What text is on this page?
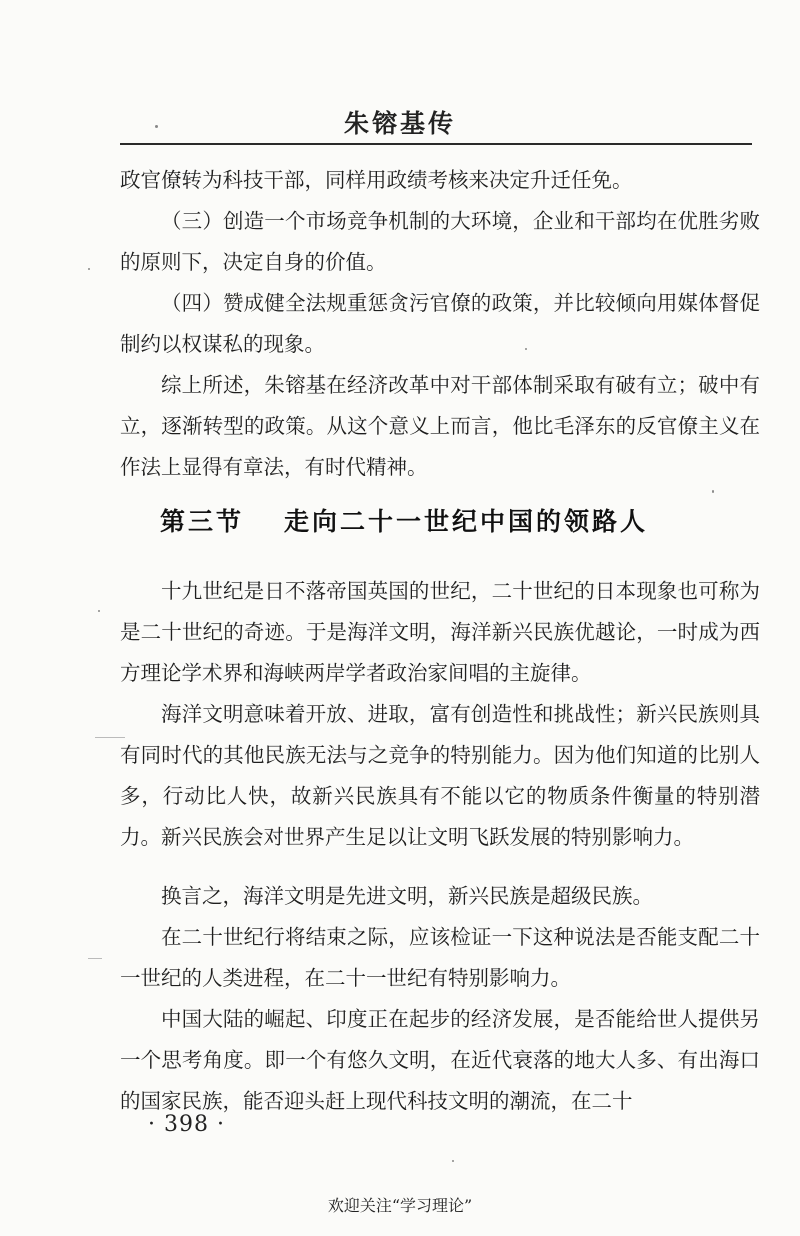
朱镕基传

政官僚转为科技干部，同样用政绩考核来决定升迁任免。

（三）创造一个市场竞争机制的大环境，企业和干部均在优胜劣败的原则下，决定自身的价值。

（四）赞成健全法规重惩贪污官僚的政策，并比较倾向用媒体督促制约以权谋私的现象。

综上所述，朱镕基在经济改革中对干部体制采取有破有立；破中有立，逐渐转型的政策。从这个意义上而言，他比毛泽东的反官僚主义在作法上显得有章法，有时代精神。

第三节 走向二十一世纪中国的领路人

十九世纪是日不落帝国英国的世纪，二十世纪的日本现象也可称为是二十世纪的奇迹。于是海洋文明，海洋新兴民族优越论，一时成为西方理论学术界和海峡两岸学者政治家间唱的主旋律。

海洋文明意味着开放、进取，富有创造性和挑战性；新兴民族则具有同时代的其他民族无法与之竞争的特别能力。因为他们知道的比别人多，行动比人快，故新兴民族具有不能以它的物质条件衡量的特别潜力。新兴民族会对世界产生足以让文明飞跃发展的特别影响力。

换言之，海洋文明是先进文明，新兴民族是超级民族。

在二十世纪行将结束之际，应该检证一下这种说法是否能支配二十一世纪的人类进程，在二十一世纪有特别影响力。

中国大陆的崛起、印度正在起步的经济发展，是否能给世人提供另一个思考角度。即一个有悠久文明，在近代衰落的地大人多、有出海口的国家民族，能否迎头赶上现代科技文明的潮流，在二十

· 398 ·
欢迎关注“学习理论”
